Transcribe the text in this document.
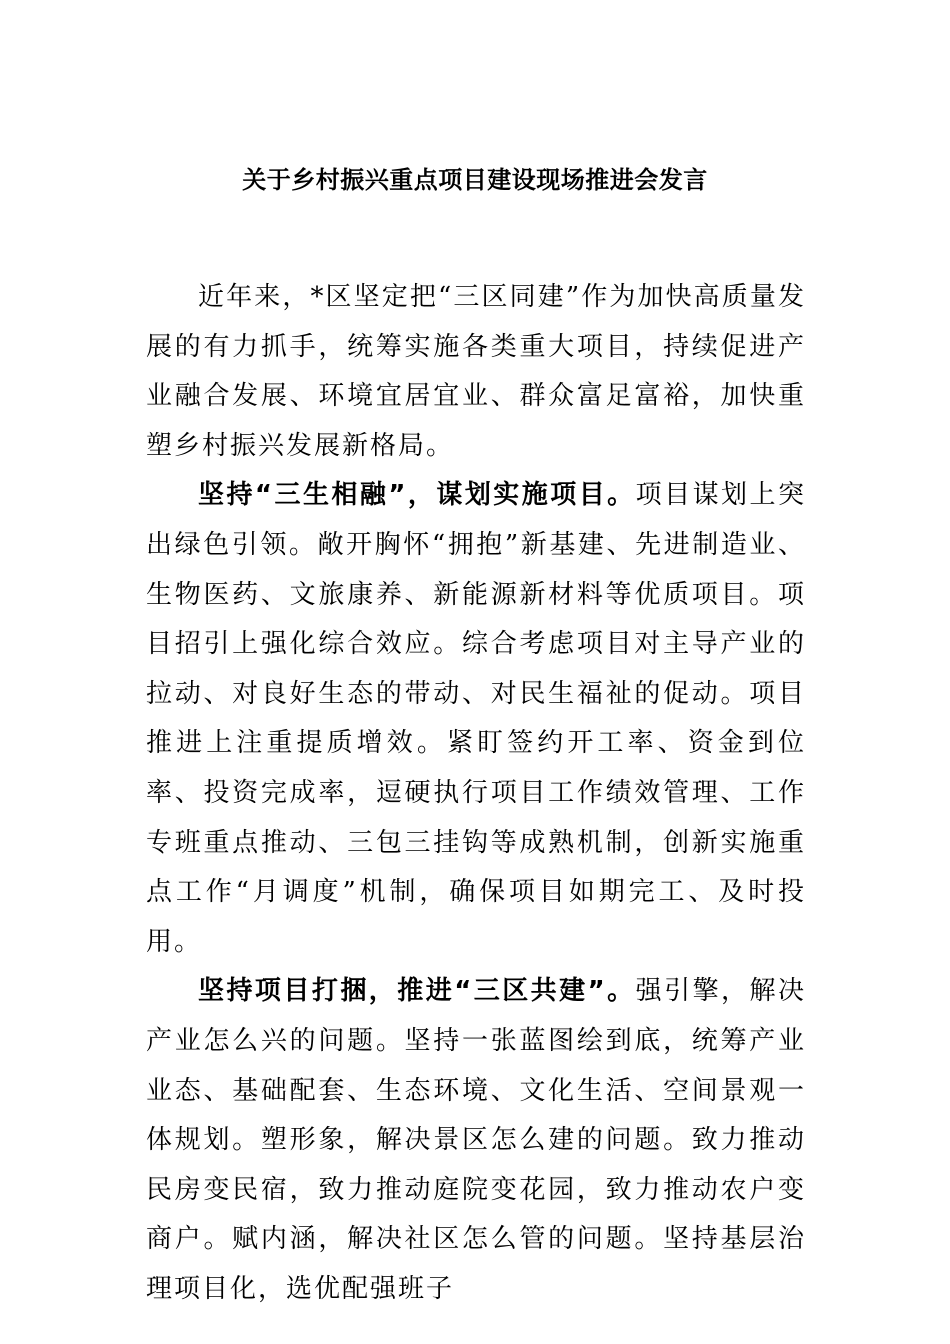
关于乡村振兴重点项目建设现场推进会发言

近年来，*区坚定把“三区同建”作为加快高质量发展的有力抓手，统筹实施各类重大项目，持续促进产业融合发展、环境宜居宜业、群众富足富裕，加快重塑乡村振兴发展新格局。

坚持“三生相融”，谋划实施项目。项目谋划上突出绿色引领。敞开胸怀“拥抱”新基建、先进制造业、生物医药、文旅康养、新能源新材料等优质项目。项目招引上强化综合效应。综合考虑项目对主导产业的拉动、对良好生态的带动、对民生福祉的促动。项目推进上注重提质增效。紧盯签约开工率、资金到位率、投资完成率，逗硬执行项目工作绩效管理、工作专班重点推动、三包三挂钩等成熟机制，创新实施重点工作“月调度”机制，确保项目如期完工、及时投用。

坚持项目打捆，推进“三区共建”。强引擎，解决产业怎么兴的问题。坚持一张蓝图绘到底，统筹产业业态、基础配套、生态环境、文化生活、空间景观一体规划。塑形象，解决景区怎么建的问题。致力推动民房变民宿，致力推动庭院变花园，致力推动农户变商户。赋内涵，解决社区怎么管的问题。坚持基层治理项目化，选优配强班子
